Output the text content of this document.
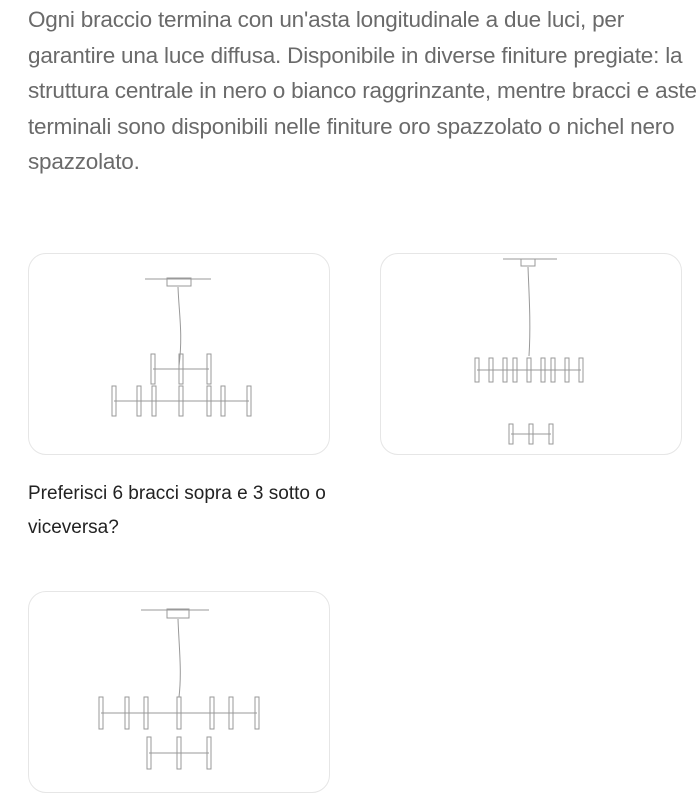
Ogni braccio termina con un'asta longitudinale a due luci, per garantire una luce diffusa. Disponibile in diverse finiture pregiate: la struttura centrale in nero o bianco raggrinzante, mentre bracci e aste terminali sono disponibili nelle finiture oro spazzolato o nichel nero spazzolato.

Preferisci 6 bracci sopra e 3 sotto o viceversa?
